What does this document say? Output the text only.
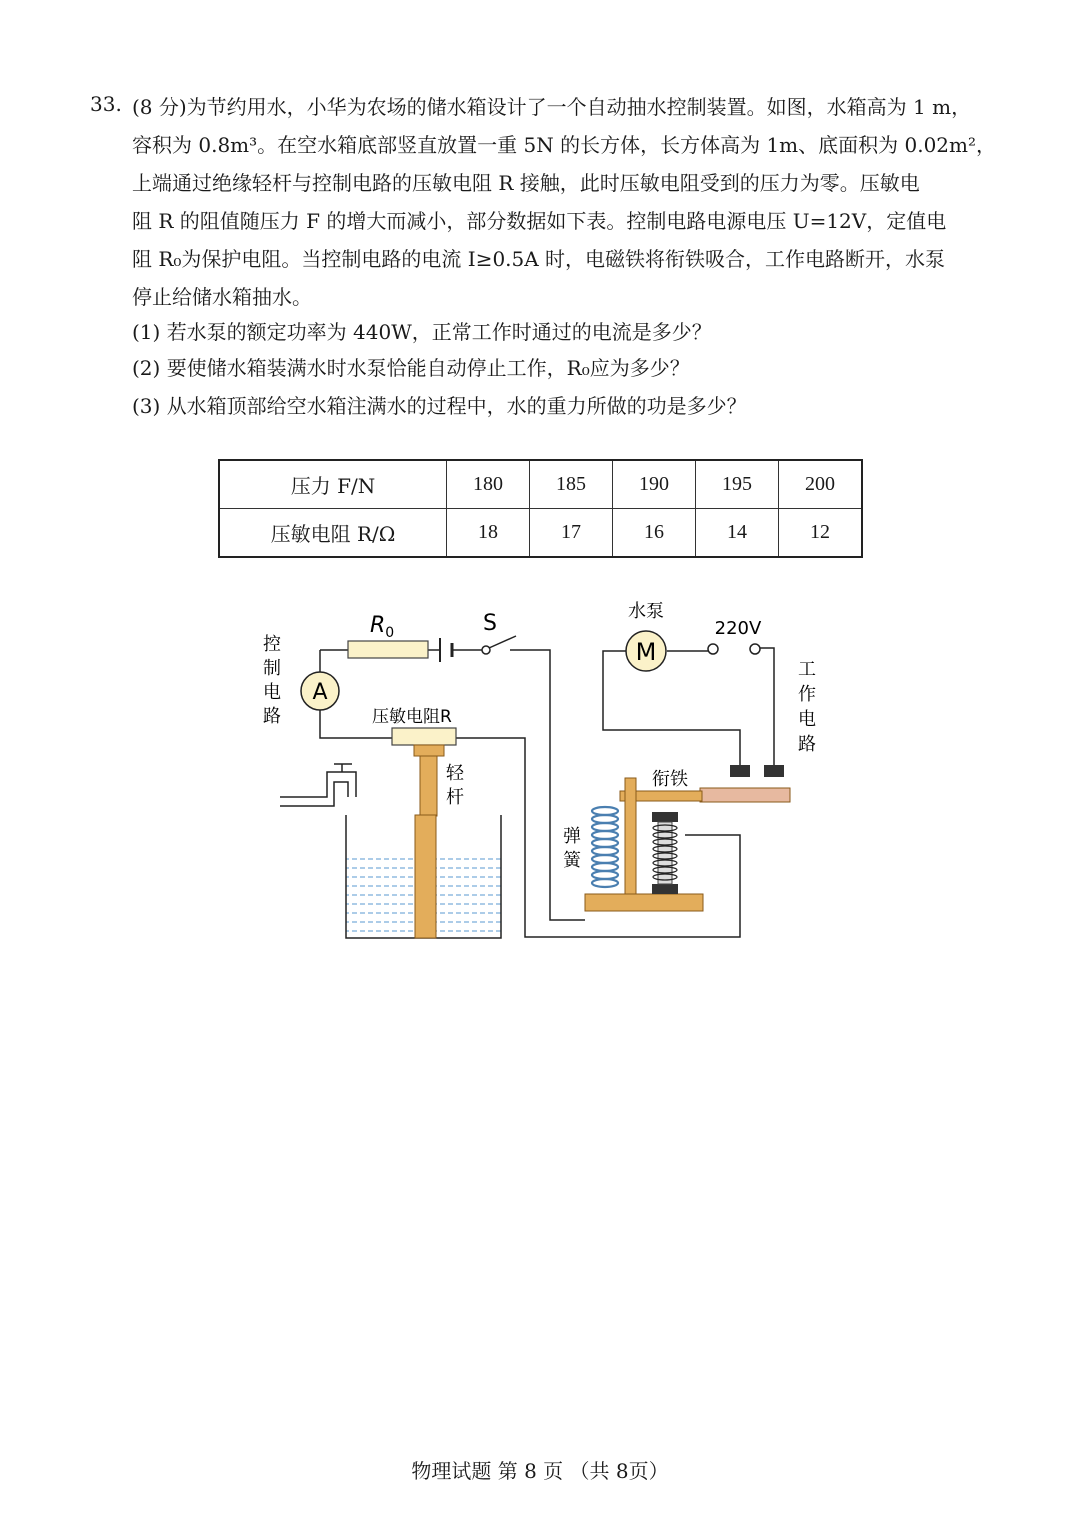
33. (8 分)为节约用水，小华为农场的储水箱设计了一个自动抽水控制装置。如图，水箱高为 1 m，

容积为 0.8m³。在空水箱底部竖直放置一重 5N 的长方体，长方体高为 1m、底面积为 0.02m²，

上端通过绝缘轻杆与控制电路的压敏电阻 R 接触，此时压敏电阻受到的压力为零。压敏电

阻 R 的阻值随压力 F 的增大而减小，部分数据如下表。控制电路电源电压 U=12V，定值电

阻 R₀为保护电阻。当控制电路的电流 I≥0.5A 时，电磁铁将衔铁吸合，工作电路断开，水泵

停止给储水箱抽水。

(1) 若水泵的额定功率为 440W，正常工作时通过的电流是多少？
(2) 要使储水箱装满水时水泵恰能自动停止工作，R₀应为多少？
(3) 从水箱顶部给空水箱注满水的过程中，水的重力所做的功是多少？
压力 F/N	180	185	190	195	200
压敏电阻 R/Ω	18	17	16	14	12
S
$R_0$
A
控
制
电
路	压敏电阻R
轻
杆
M
水泵
220V
工
作
电
路
衔铁
弹
簧
物理试题 第 8 页 （共 8页）
